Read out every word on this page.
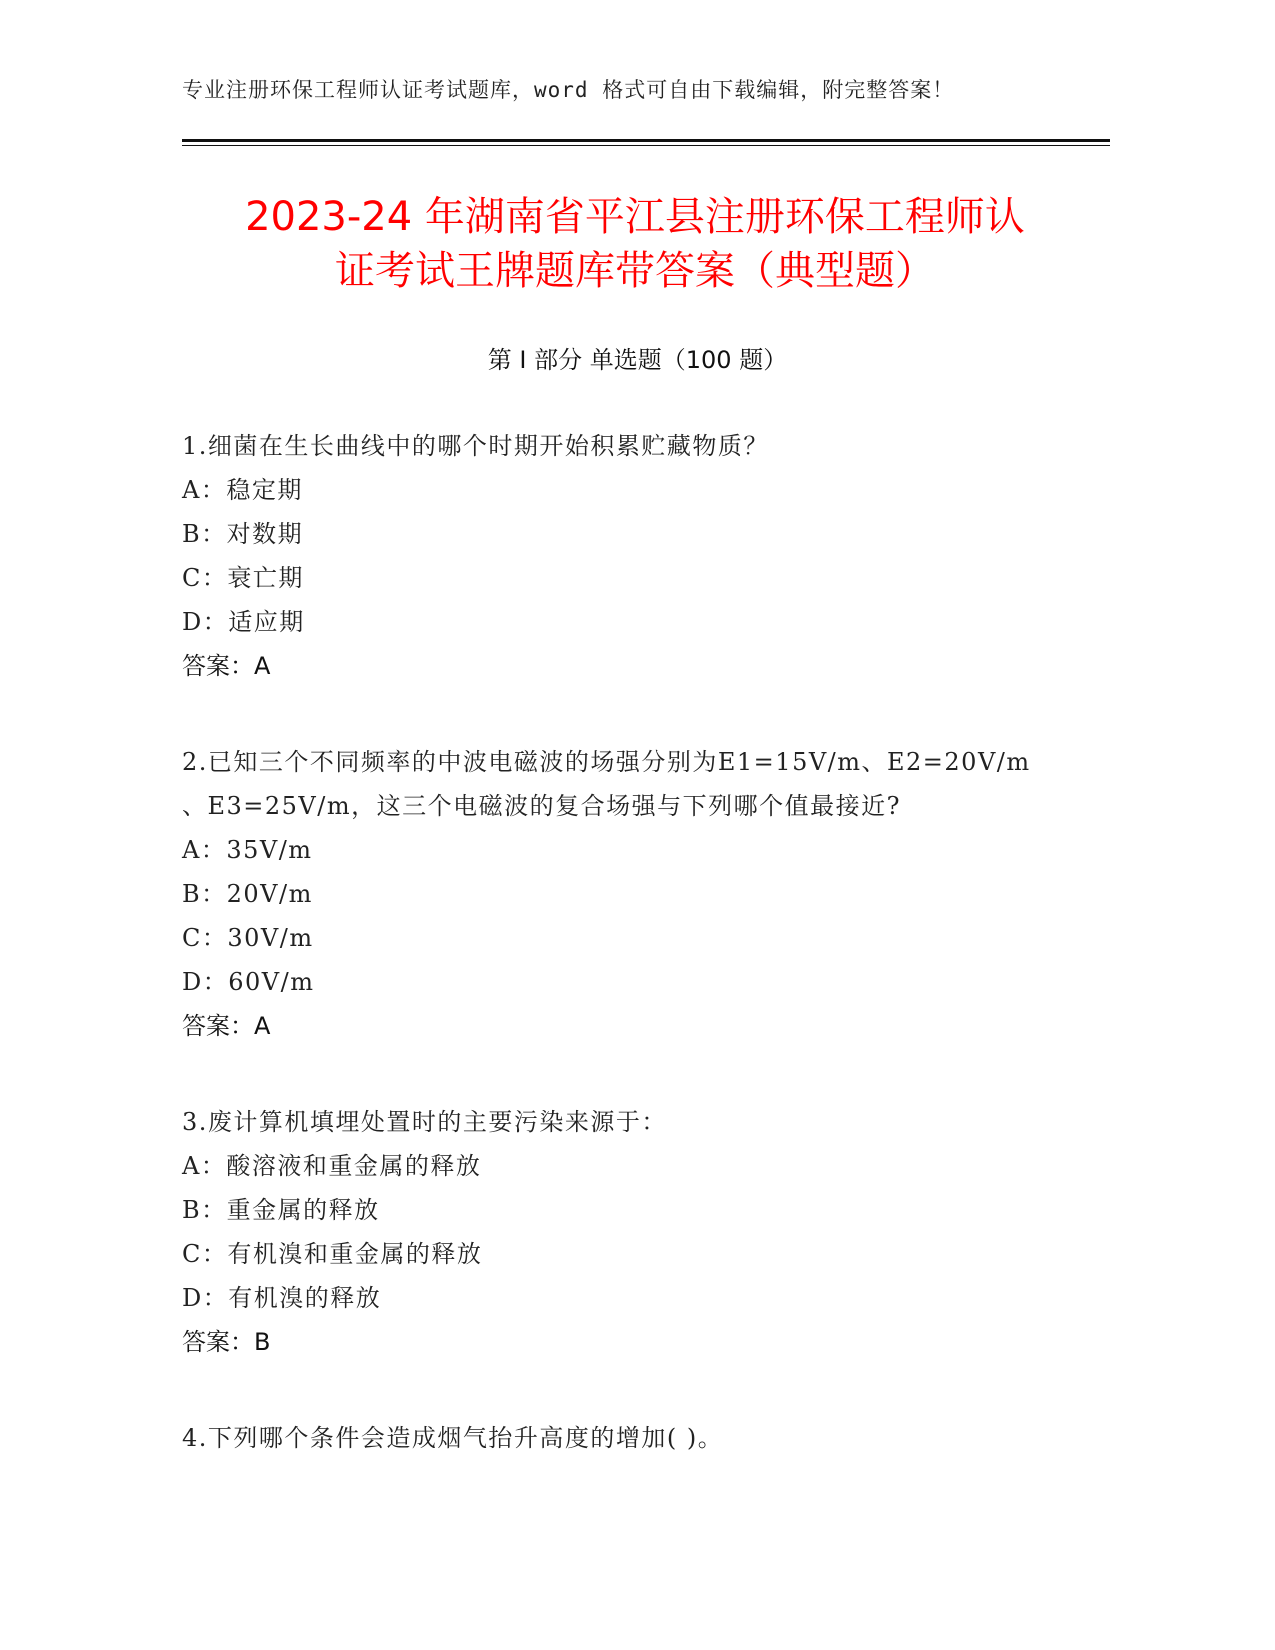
专业注册环保工程师认证考试题库，word 格式可自由下载编辑，附完整答案！
2023-24 年湖南省平江县注册环保工程师认
证考试王牌题库带答案（典型题）
第 I 部分 单选题（100 题）
1.细菌在生长曲线中的哪个时期开始积累贮藏物质？
A：稳定期
B：对数期
C：衰亡期
D：适应期
答案：A
2.已知三个不同频率的中波电磁波的场强分别为E1=15V/m、E2=20V/m
、E3=25V/m，这三个电磁波的复合场强与下列哪个值最接近?
A：35V/m
B：20V/m
C：30V/m
D：60V/m
答案：A
3.废计算机填埋处置时的主要污染来源于：
A：酸溶液和重金属的释放
B：重金属的释放
C：有机溴和重金属的释放
D：有机溴的释放
答案：B
4.下列哪个条件会造成烟气抬升高度的增加( )。
